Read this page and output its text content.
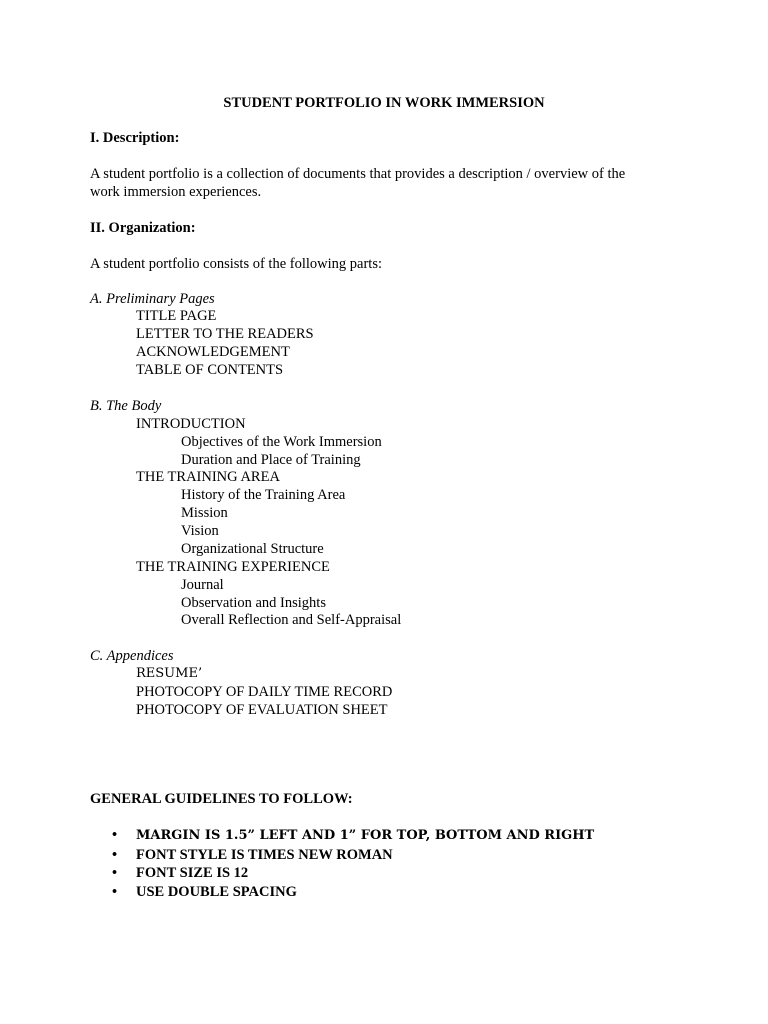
STUDENT PORTFOLIO IN WORK IMMERSION
I. Description:
A student portfolio is a collection of documents that provides a description / overview of the
work immersion experiences.
II. Organization:
A student portfolio consists of the following parts:
A. Preliminary Pages
TITLE PAGE
LETTER TO THE READERS
ACKNOWLEDGEMENT
TABLE OF CONTENTS
B. The Body
INTRODUCTION
Objectives of the Work Immersion
Duration and Place of Training
THE TRAINING AREA
History of the Training Area
Mission
Vision
Organizational Structure
THE TRAINING EXPERIENCE
Journal
Observation and Insights
Overall Reflection and Self-Appraisal
C. Appendices
RESUME’
PHOTOCOPY OF DAILY TIME RECORD
PHOTOCOPY OF EVALUATION SHEET
GENERAL GUIDELINES TO FOLLOW:
• MARGIN IS 1.5” LEFT AND 1” FOR TOP, BOTTOM AND RIGHT
• FONT STYLE IS TIMES NEW ROMAN
• FONT SIZE IS 12
• USE DOUBLE SPACING
